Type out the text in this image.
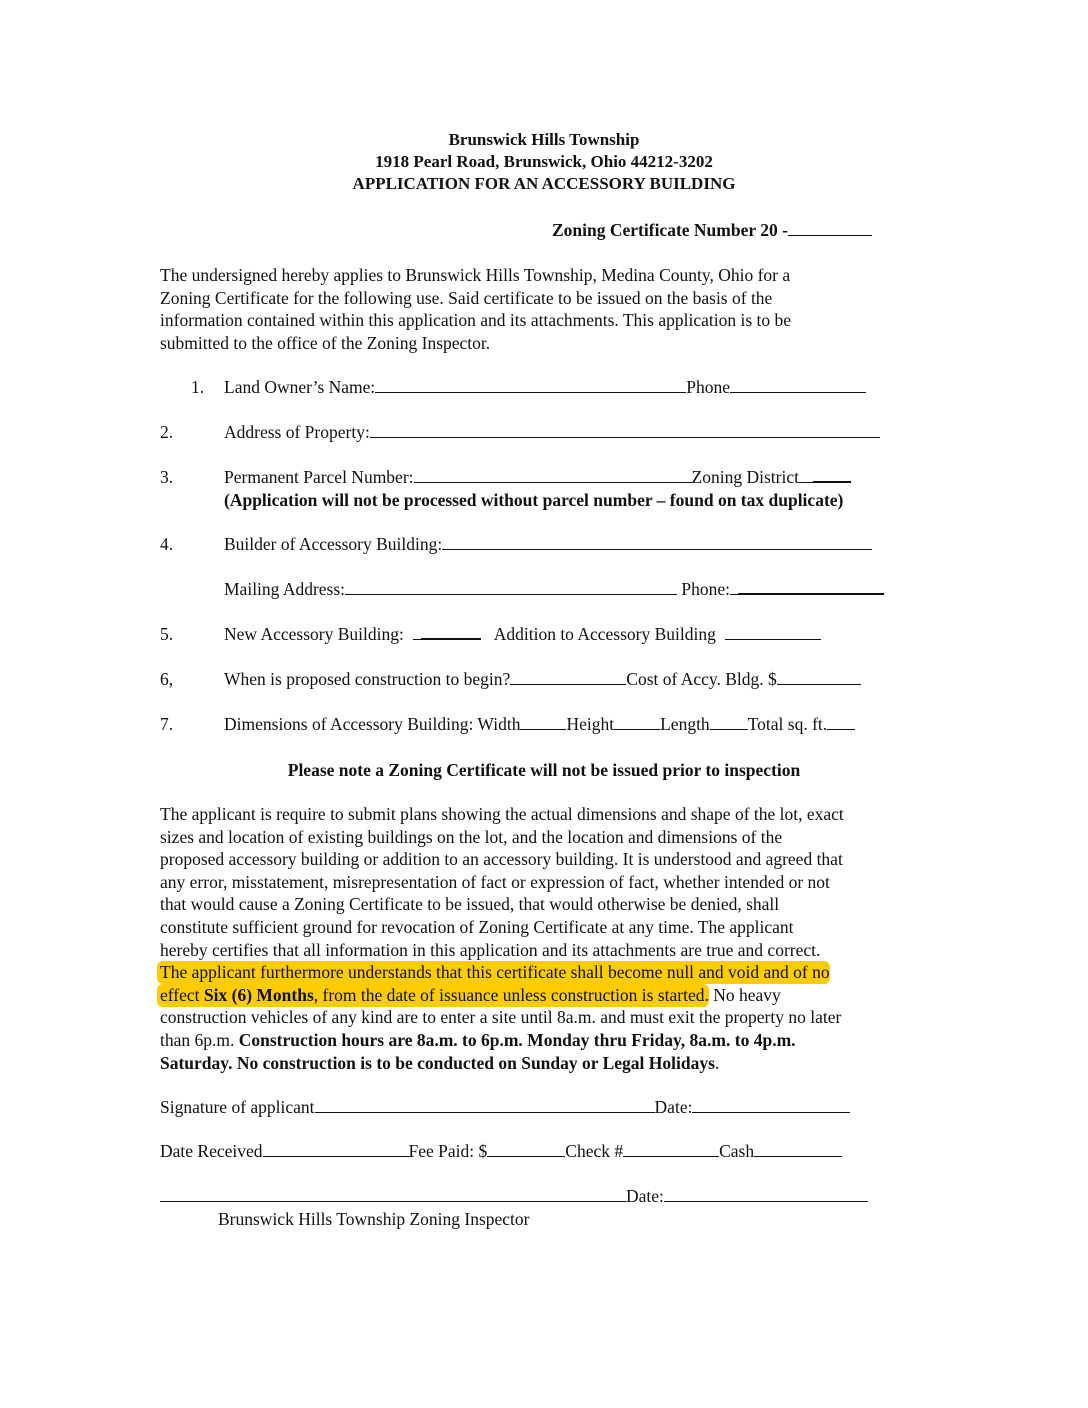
Brunswick Hills Township
1918 Pearl Road, Brunswick, Ohio 44212-3202
APPLICATION FOR AN ACCESSORY BUILDING
Zoning Certificate Number 20 -
The undersigned hereby applies to Brunswick Hills Township, Medina County, Ohio for a
Zoning Certificate for the following use. Said certificate to be issued on the basis of the
information contained within this application and its attachments. This application is to be
submitted to the office of the Zoning Inspector.
1. Land Owner’s Name:	Phone
2.	Address of Property:
3.	Permanent Parcel Number:	Zoning District
(Application will not be processed without parcel number – found on tax duplicate)
4.	Builder of Accessory Building:
Mailing Address:	Phone:
5.	New Accessory Building:	Addition to Accessory Building
6,	When is proposed construction to begin?	Cost of Accy. Bldg. $
7.	Dimensions of Accessory Building: Width	Height	Length Total sq. ft.
Please note a Zoning Certificate will not be issued prior to inspection
The applicant is require to submit plans showing the actual dimensions and shape of the lot, exact
sizes and location of existing buildings on the lot, and the location and dimensions of the
proposed accessory building or addition to an accessory building. It is understood and agreed that
any error, misstatement, misrepresentation of fact or expression of fact, whether intended or not
that would cause a Zoning Certificate to be issued, that would otherwise be denied, shall
constitute sufficient ground for revocation of Zoning Certificate at any time. The applicant
hereby certifies that all information in this application and its attachments are true and correct.
The applicant furthermore understands that this certificate shall become null and void and of no
effect Six (6) Months, from the date of issuance unless construction is started. No heavy
construction vehicles of any kind are to enter a site until 8a.m. and must exit the property no later
than 6p.m. Construction hours are 8a.m. to 6p.m. Monday thru Friday, 8a.m. to 4p.m.
Saturday. No construction is to be conducted on Sunday or Legal Holidays.
Signature of applicant	Date:
Date Received	Fee Paid: $	Check #	Cash
Date:
Brunswick Hills Township Zoning Inspector
